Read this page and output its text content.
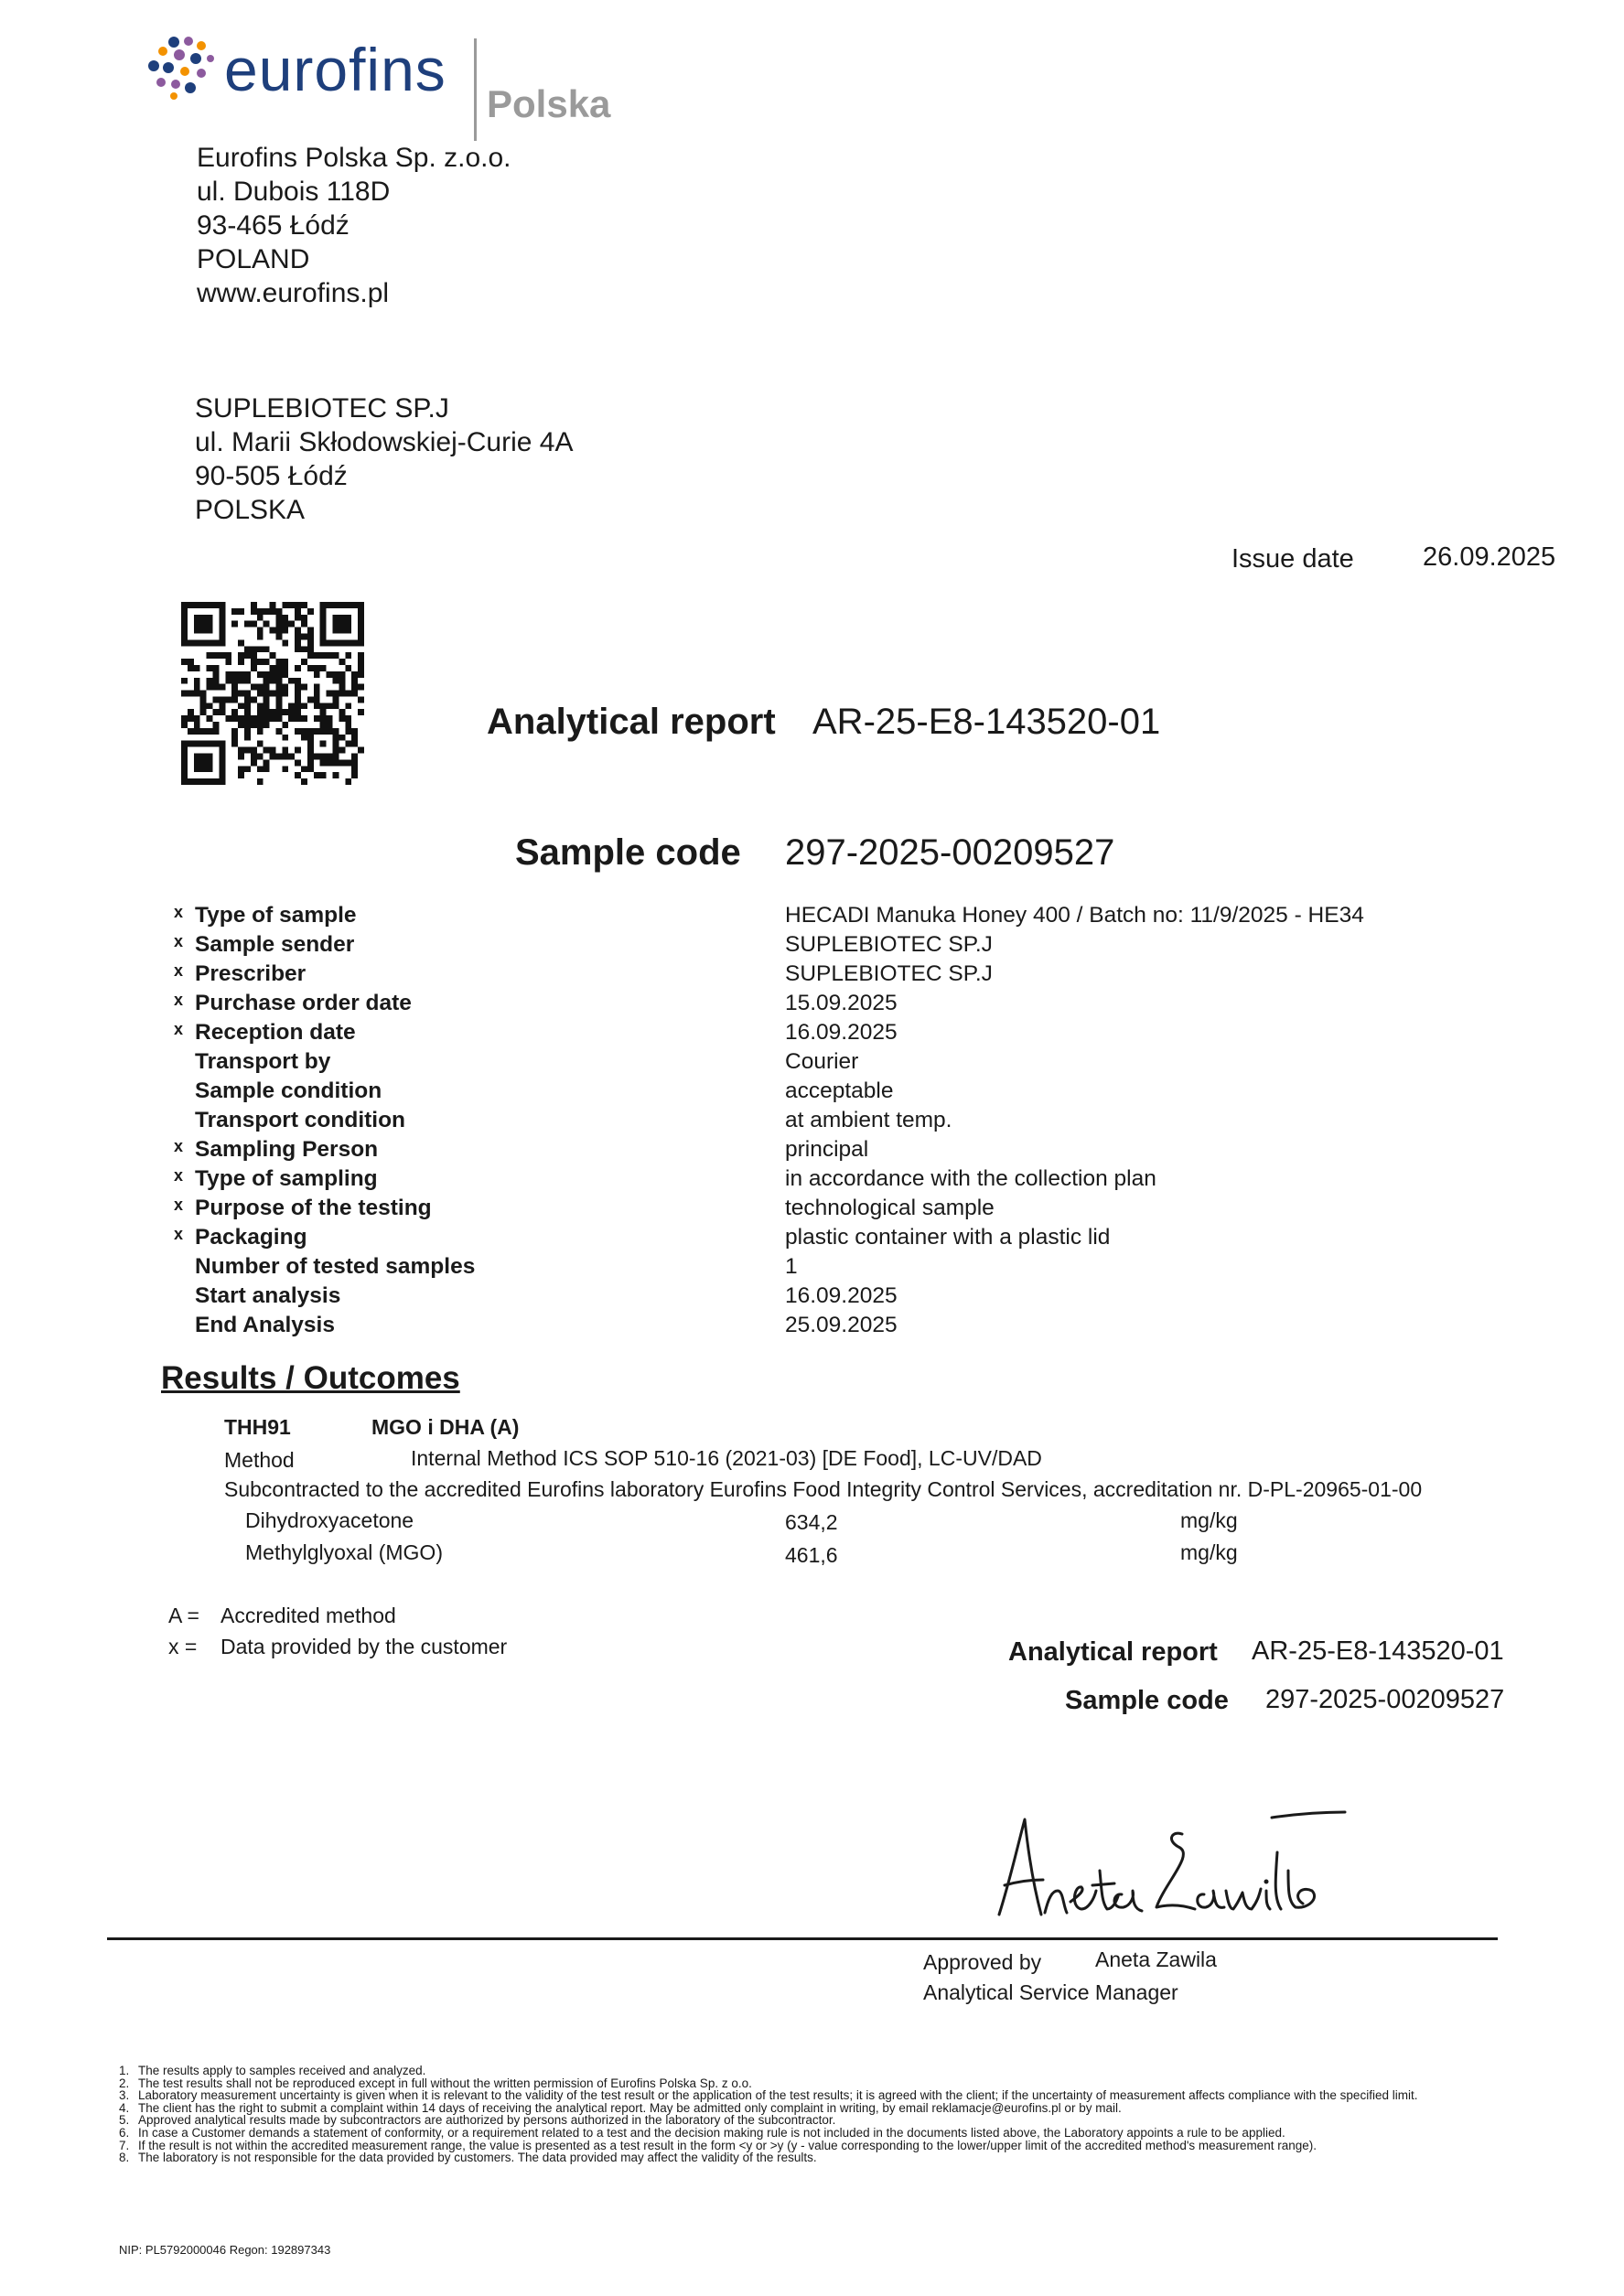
eurofins
Polska
Eurofins Polska Sp. z.o.o.
ul. Dubois 118D
93-465 Łódź
POLAND
www.eurofins.pl
SUPLEBIOTEC SP.J
ul. Marii Skłodowskiej-Curie 4A
90-505 Łódź
POLSKA
Issue date	26.09.2025
Analytical report AR-25-E8-143520-01
Sample code 297-2025-00209527
x Type of sample	HECADI Manuka Honey 400 / Batch no: 11/9/2025 - HE34
x Sample sender	SUPLEBIOTEC SP.J
x Prescriber	SUPLEBIOTEC SP.J
x Purchase order date	15.09.2025
x Reception date	16.09.2025
Transport by	Courier
Sample condition	acceptable
Transport condition	at ambient temp.
x Sampling Person	principal
x Type of sampling	in accordance with the collection plan
x Purpose of the testing	technological sample
x Packaging	plastic container with a plastic lid
Number of tested samples	1
Start analysis	16.09.2025
End Analysis	25.09.2025
Results / Outcomes
THH91	MGO i DHA (A)
Method	Internal Method ICS SOP 510-16 (2021-03) [DE Food], LC-UV/DAD
Subcontracted to the accredited Eurofins laboratory Eurofins Food Integrity Control Services, accreditation nr. D-PL-20965-01-00
Dihydroxyacetone	634,2	mg/kg
Methylglyoxal (MGO)	461,6	mg/kg
A = Accredited method
x = Data provided by the customer	Analytical report AR-25-E8-143520-01
Sample code 297-2025-00209527
Approved by	Aneta Zawila
Analytical Service Manager
1. The results apply to samples received and analyzed.
2. The test results shall not be reproduced except in full without the written permission of Eurofins Polska Sp. z o.o.
3. Laboratory measurement uncertainty is given when it is relevant to the validity of the test result or the application of the test results; it is agreed with the client; if the uncertainty of measurement affects compliance with the specified limit.
4. The client has the right to submit a complaint within 14 days of receiving the analytical report. May be admitted only complaint in writing, by email reklamacje@eurofins.pl or by mail.
5. Approved analytical results made by subcontractors are authorized by persons authorized in the laboratory of the subcontractor.
6. In case a Customer demands a statement of conformity, or a requirement related to a test and the decision making rule is not included in the documents listed above, the Laboratory appoints a rule to be applied.
7. If the result is not within the accredited measurement range, the value is presented as a test result in the form <y or >y (y - value corresponding to the lower/upper limit of the accredited method's measurement range).
8. The laboratory is not responsible for the data provided by customers. The data provided may affect the validity of the results.
NIP: PL5792000046 Regon: 192897343
